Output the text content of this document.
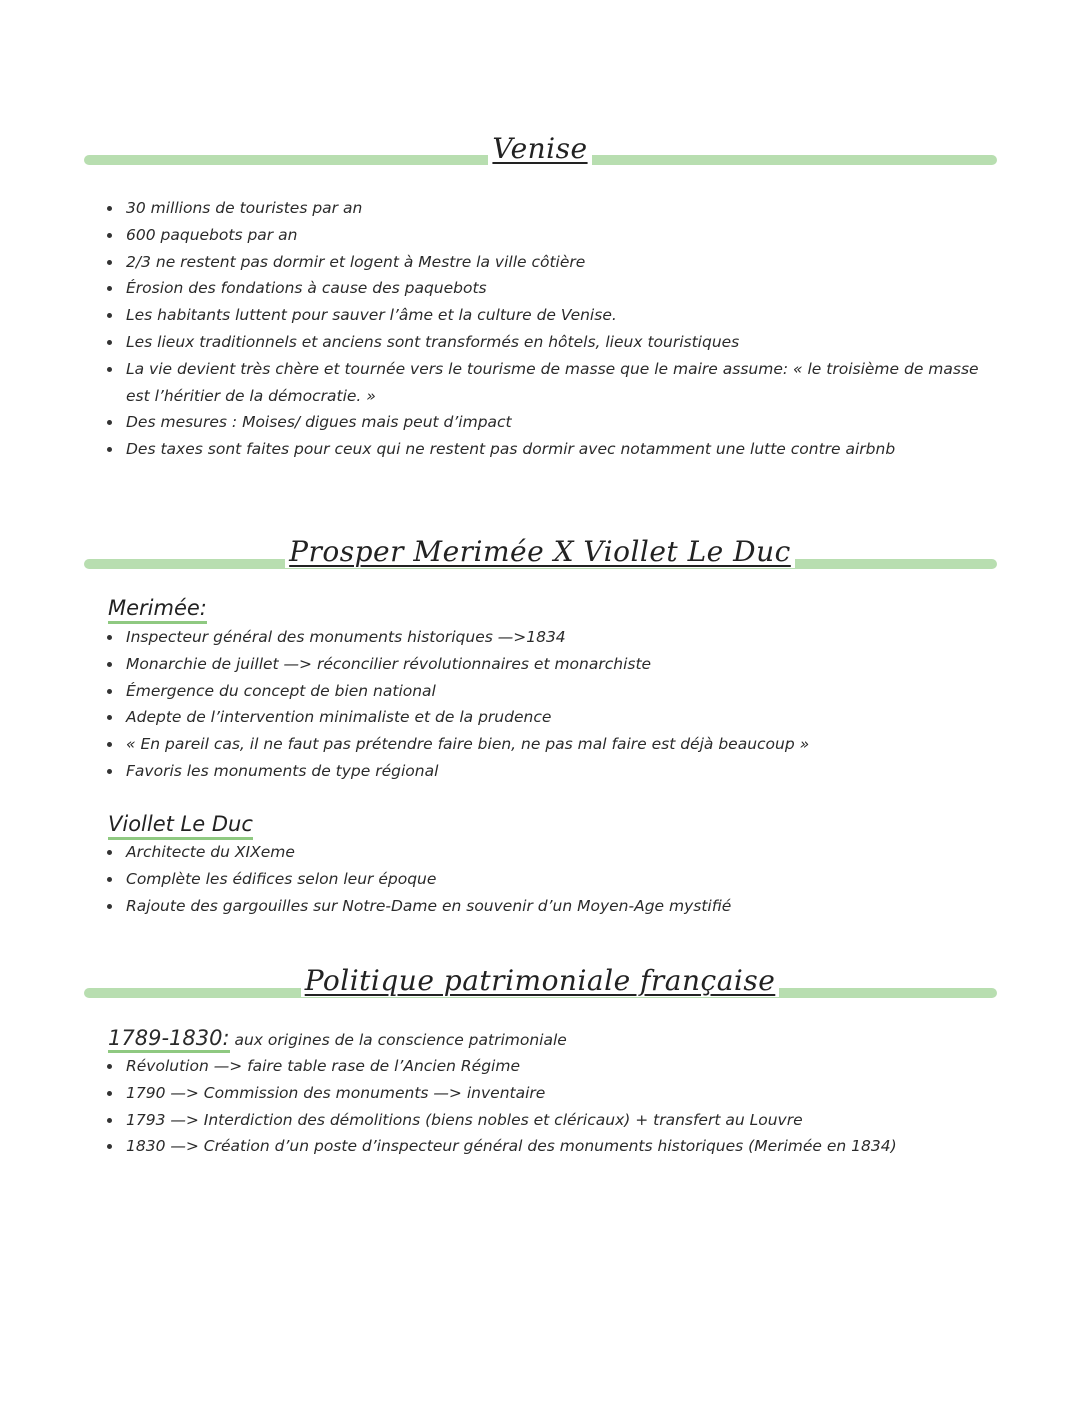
Venise
30 millions de touristes par an
600 paquebots par an
2/3 ne restent pas dormir et logent à Mestre la ville côtière
Érosion des fondations à cause des paquebots
Les habitants luttent pour sauver l’âme et la culture de Venise.
Les lieux traditionnels et anciens sont transformés en hôtels, lieux touristiques
La vie devient très chère et tournée vers le tourisme de masse que le maire assume: « le troisième de masse est l’héritier de la démocratie. »
Des mesures : Moises/ digues mais peut d’impact
Des taxes sont faites pour ceux qui ne restent pas dormir avec notamment une lutte contre airbnb
Prosper Merimée X Viollet Le Duc
Merimée:
Inspecteur général des monuments historiques —>1834
Monarchie de juillet —> réconcilier révolutionnaires et monarchiste
Émergence du concept de bien national
Adepte de l’intervention minimaliste et de la prudence
« En pareil cas, il ne faut pas prétendre faire bien, ne pas mal faire est déjà beaucoup »
Favoris les monuments de type régional
Viollet Le Duc
Architecte du XIXeme
Complète les édifices selon leur époque
Rajoute des gargouilles sur Notre-Dame en souvenir d’un Moyen-Age mystifié
Politique patrimoniale française
1789-1830: aux origines de la conscience patrimoniale
Révolution —> faire table rase de l’Ancien Régime
1790 —> Commission des monuments —> inventaire
1793 —> Interdiction des démolitions (biens nobles et cléricaux) + transfert au Louvre
1830 —> Création d’un poste d’inspecteur général des monuments historiques (Merimée en 1834)
